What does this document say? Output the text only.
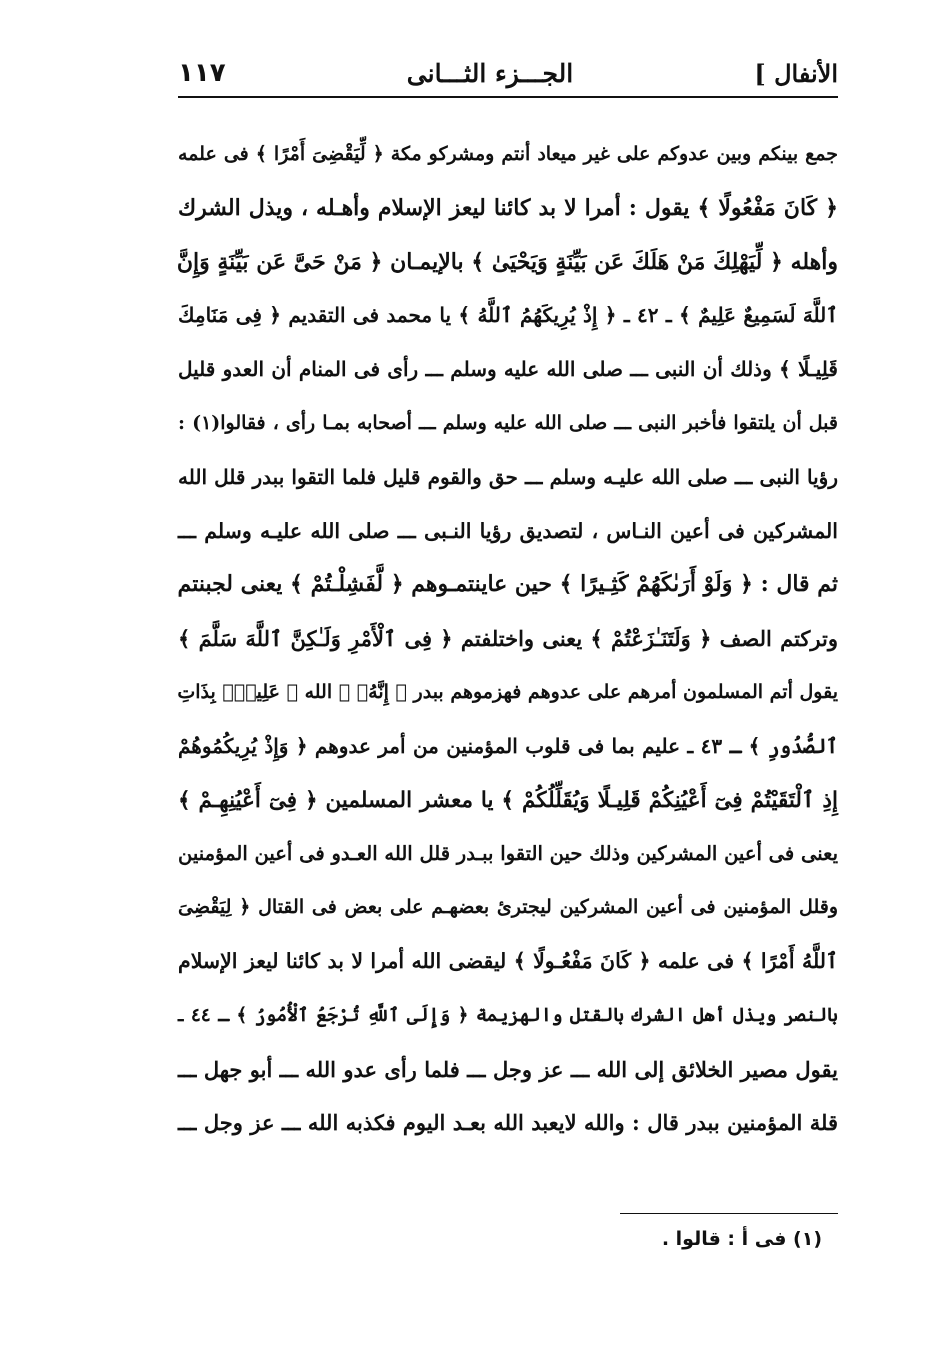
الأنفال ]
الجـــزء الثـــانى
١١٧
جمع بينكم وبين عدوكم على غير ميعاد أنتم ومشركو مكة ﴿ لِّيَقْضِىَ أَمْرًا ﴾ فى علمه
﴿ كَانَ مَفْعُولًا ﴾ يقول : أمرا لا بد كائنا ليعز الإسلام وأهـله ، ويذل الشرك
وأهله ﴿ لِّيَهْلِكَ مَنْ هَلَكَ عَن بَيِّنَةٍ وَيَحْيَىٰ ﴾ بالإيمـان ﴿ مَنْ حَىَّ عَن بَيِّنَةٍ وَإِنَّ
ٱللَّهَ لَسَمِيعٌ عَلِيمٌ ﴾ ـ ٤٢ ـ ﴿ إِذْ يُرِيكَهُمُ ٱللَّهُ ﴾ يا محمد فى التقديم ﴿ فِى مَنَامِكَ
قَلِيـلًا ﴾ وذلك أن النبى ـــ صلى الله عليه وسلم ـــ رأى فى المنام أن العدو قليل
قبل أن يلتقوا فأخبر النبى ـــ صلى الله عليه وسلم ـــ أصحابه بمـا رأى ، فقالوا(١) :
رؤيا النبى ـــ صلى الله عليـه وسلم ـــ حق والقوم قليل فلما التقوا ببدر قلل الله
المشركين فى أعين النـاس ، لتصديق رؤيا النـبى ـــ صلى الله عليـه وسلم ـــ
ثم قال : ﴿ وَلَوْ أَرَىٰكَهُمْ كَثِـيرًا ﴾ حين عاينتمـوهم ﴿ لَّفَشِلْـتُمْ ﴾ يعنى لجبنتم
وتركتم الصف ﴿ وَلَتَنَـٰزَعْتُمْ ﴾ يعنى واختلفتم ﴿ فِى ٱلْأَمْرِ وَلَـٰكِنَّ ٱللَّهَ سَلَّمَ ﴾
يقول أتم المسلمون أمرهم على عدوهم فهزموهم ببدر ﴿ إِنَّهُۥ ﴾ الله ﴿ عَلِيمٌۢ بِذَاتِ
ٱلصُّدُورِ ﴾ ـ ٤٣ ـ عليم بما فى قلوب المؤمنين من أمر عدوهم ﴿ وَإِذْ يُرِيكُمُوهُمْ
إِذِ ٱلْتَقَيْتُمْ فِىٓ أَعْيُنِكُمْ قَلِيـلًا وَيُقَلِّلُكُمْ ﴾ يا معشر المسلمين ﴿ فِىٓ أَعْيُنِهِـمْ ﴾
يعنى فى أعين المشركين وذلك حين التقوا ببـدر قلل الله العـدو فى أعين المؤمنين
وقلل المؤمنين فى أعين المشركين ليجترئ بعضهـم على بعض فى القتال ﴿ لِيَقْضِىَ
ٱللَّهُ أَمْرًا ﴾ فى علمه ﴿ كَانَ مَفْعُـولًا ﴾ ليقضى الله أمرا لا بد كائنا ليعز الإسلام
بالنصر ويذل أهل الشرك بالقتل والهزيمة ﴿ وَإِلَى ٱللَّهِ تُرْجَعُ ٱلْأُمُورُ ﴾ ـ ٤٤ ـ
يقول مصير الخلائق إلى الله ـــ عز وجل ـــ فلما رأى عدو الله ـــ أبو جهل ـــ
قلة المؤمنين ببدر قال : والله لايعبد الله بعـد اليوم فكذبه الله ـــ عز وجل ـــ
(١) فى أ : قالوا .
